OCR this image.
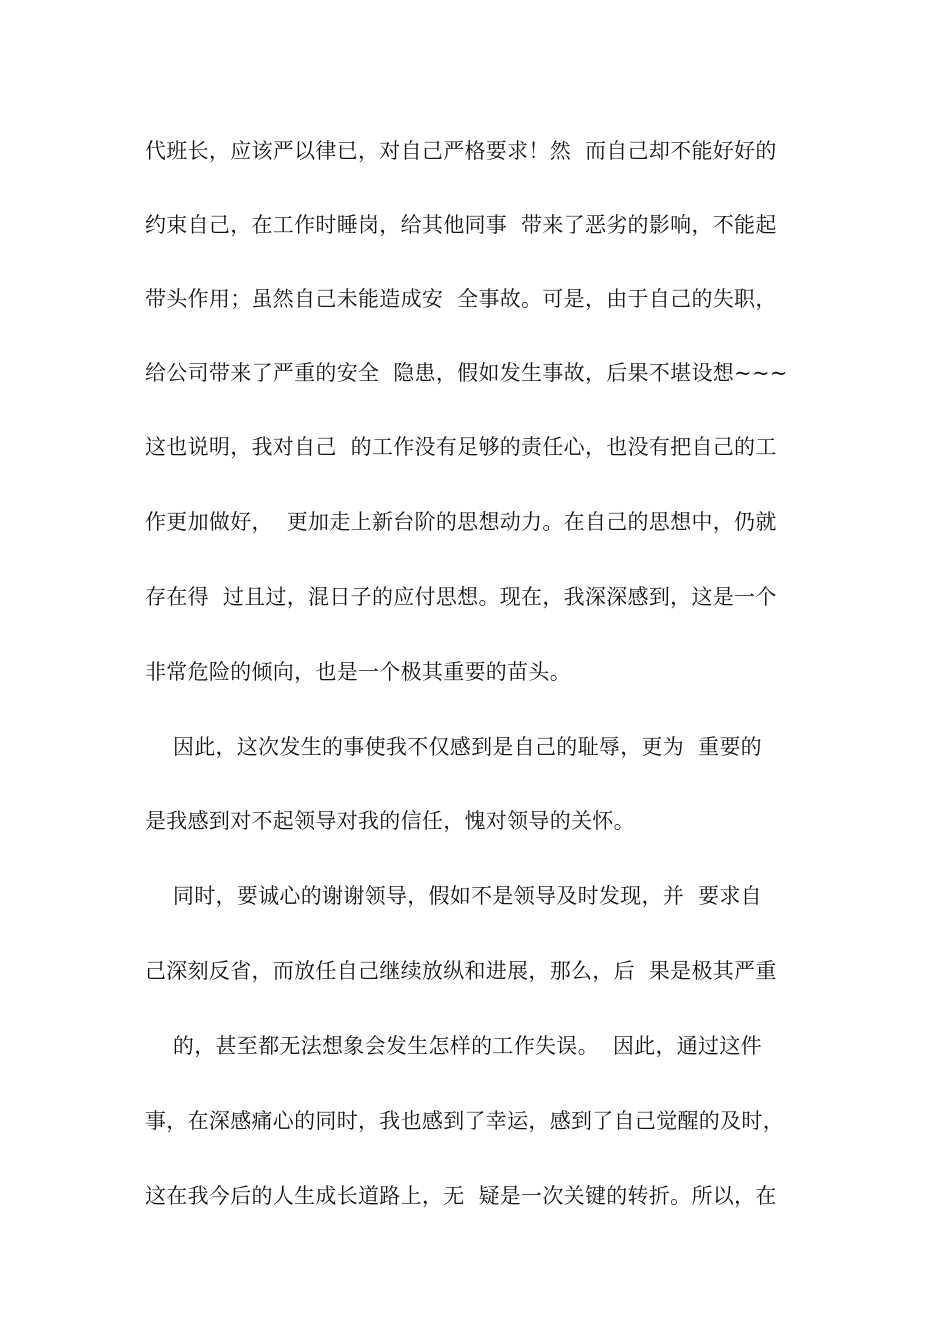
代班长，应该严以律已，对自己严格要求！然  而自己却不能好好的
约束自己，在工作时睡岗，给其他同事  带来了恶劣的影响，不能起
带头作用；虽然自己未能造成安  全事故。可是，由于自己的失职，
给公司带来了严重的安全  隐患，假如发生事故，后果不堪设想~~~
这也说明，我对自己  的工作没有足够的责任心，也没有把自己的工
作更加做好，  更加走上新台阶的思想动力。在自己的思想中，仍就
存在得  过且过，混日子的应付思想。现在，我深深感到，这是一个
非常危险的倾向，也是一个极其重要的苗头。
因此，这次发生的事使我不仅感到是自己的耻辱，更为  重要的
是我感到对不起领导对我的信任，愧对领导的关怀。
同时，要诚心的谢谢领导，假如不是领导及时发现，并  要求自
己深刻反省，而放任自己继续放纵和进展，那么，后  果是极其严重
的，甚至都无法想象会发生怎样的工作失误。  因此，通过这件
事，在深感痛心的同时，我也感到了幸运，感到了自己觉醒的及时，
这在我今后的人生成长道路上，无  疑是一次关键的转折。所以，在
